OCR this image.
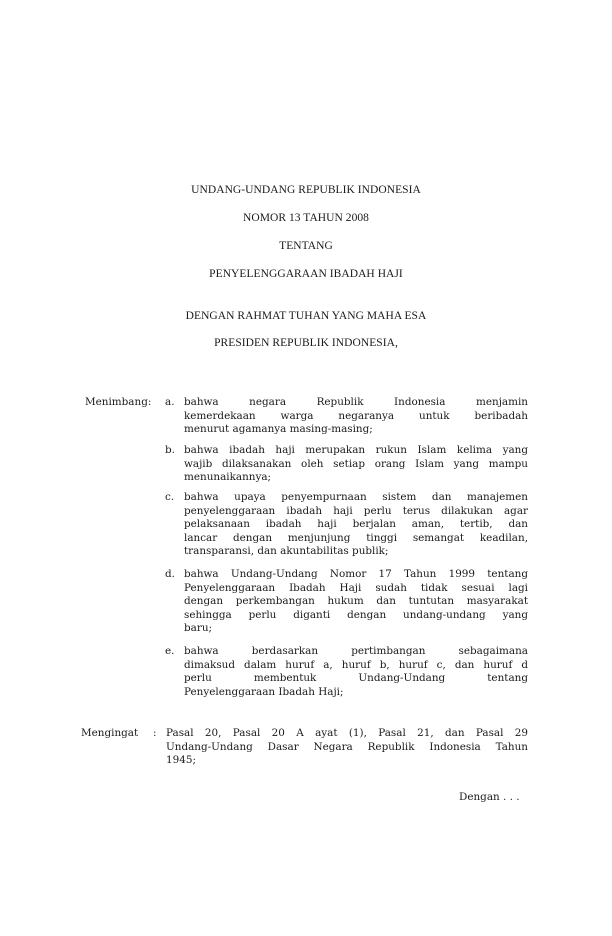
UNDANG-UNDANG REPUBLIK INDONESIA
NOMOR 13 TAHUN 2008
TENTANG
PENYELENGGARAAN IBADAH HAJI
DENGAN RAHMAT TUHAN YANG MAHA ESA
PRESIDEN REPUBLIK INDONESIA,
Menimbang: a. bahwa negara Republik Indonesia menjamin
kemerdekaan warga negaranya untuk beribadah
menurut agamanya masing-masing;
b. bahwa ibadah haji merupakan rukun Islam kelima yang
wajib dilaksanakan oleh setiap orang Islam yang mampu
menunaikannya;
c. bahwa upaya penyempurnaan sistem dan manajemen
penyelenggaraan ibadah haji perlu terus dilakukan agar
pelaksanaan ibadah haji berjalan aman, tertib, dan
lancar dengan menjunjung tinggi semangat keadilan,
transparansi, dan akuntabilitas publik;
d. bahwa Undang-Undang Nomor 17 Tahun 1999 tentang
Penyelenggaraan Ibadah Haji sudah tidak sesuai lagi
dengan perkembangan hukum dan tuntutan masyarakat
sehingga perlu diganti dengan undang-undang yang
baru;
e. bahwa berdasarkan pertimbangan sebagaimana
dimaksud dalam huruf a, huruf b, huruf c, dan huruf d
perlu membentuk Undang-Undang tentang
Penyelenggaraan Ibadah Haji;
Mengingat : Pasal 20, Pasal 20 A ayat (1), Pasal 21, dan Pasal 29
Undang-Undang Dasar Negara Republik Indonesia Tahun
1945;
Dengan . . .
